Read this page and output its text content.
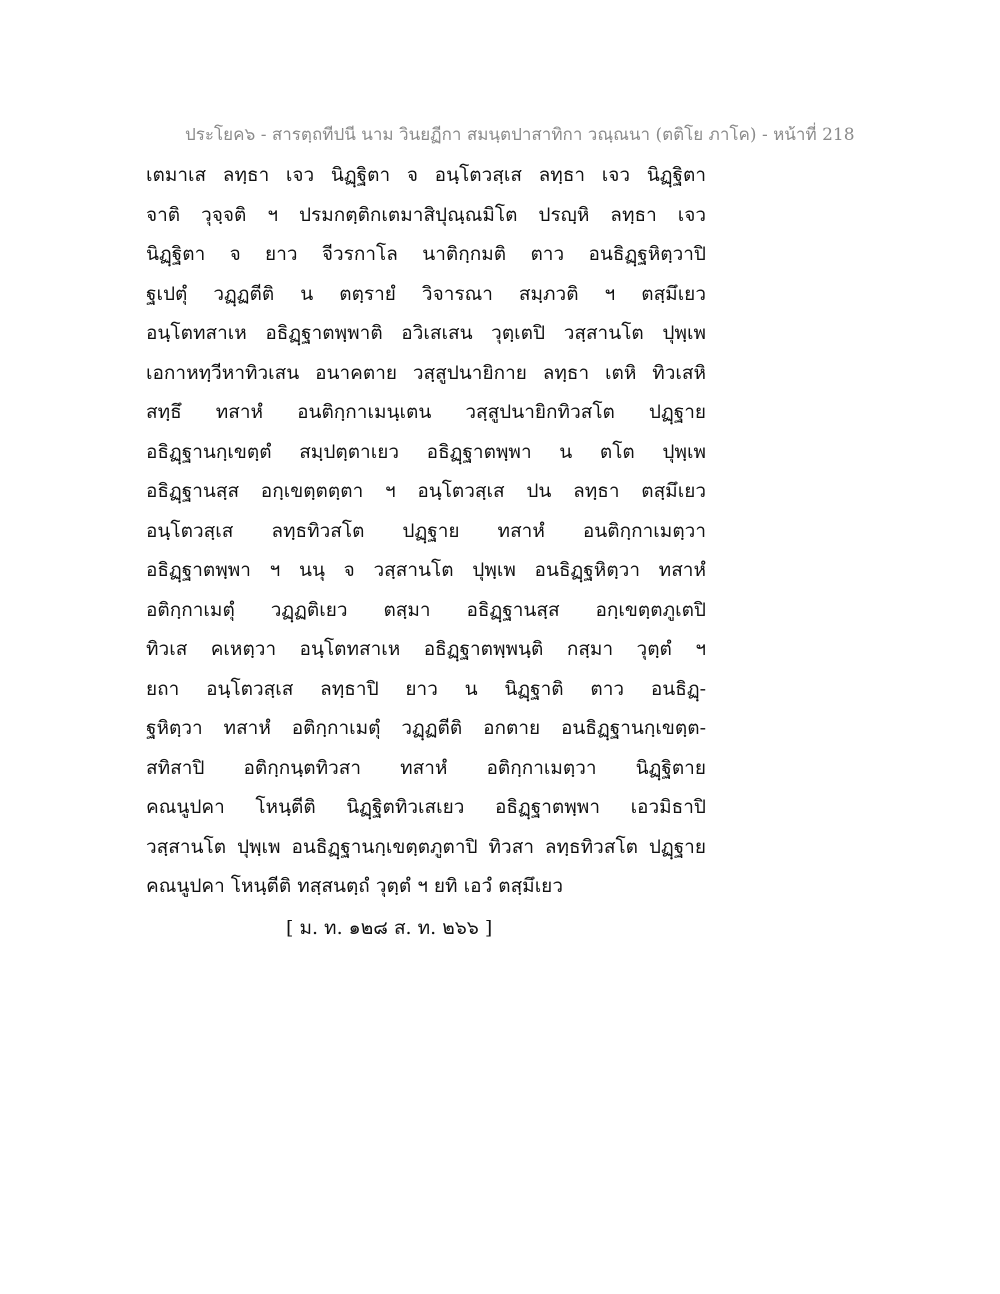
ประโยค๖ - สารตฺถทีปนี นาม วินยฏีกา สมนฺตปาสาทิกา วณฺณนา (ตติโย ภาโค) - หน้าที่ 218
เตมาเส ลทฺธา เจว นิฏฺฐิตา จ อนฺโตวสฺเส ลทฺธา เจว นิฏฺฐิตา
จาติ วุจฺจติ ฯ ปรมกตฺติกเตมาสิปุณฺณมิโต ปรญฺหิ ลทฺธา เจว
นิฏฺฐิตา จ ยาว จีวรกาโล นาติกฺกมติ ตาว อนธิฏฺฐหิตฺวาปิ
ฐเปตุํ วฏฺฏตีติ น ตตฺรายํ วิจารณา สมฺภวติ ฯ ตสฺมึเยว
อนฺโตทสาเห อธิฏฺฐาตพฺพาติ อวิเสเสน วุตฺเตปิ วสฺสานโต ปุพฺเพ
เอกาหทฺวีหาทิวเสน อนาคตาย วสฺสูปนายิกาย ลทฺธา เตหิ ทิวเสหิ
สทฺธึ ทสาหํ อนติกฺกาเมนฺเตน วสฺสูปนายิกทิวสโต ปฏฺฐาย
อธิฏฺฐานกฺเขตฺตํ สมฺปตฺตาเยว อธิฏฺฐาตพฺพา น ตโต ปุพฺเพ
อธิฏฺฐานสฺส อกฺเขตฺตตฺตา ฯ อนฺโตวสฺเส ปน ลทฺธา ตสฺมึเยว
อนฺโตวสฺเส ลทฺธทิวสโต ปฏฺฐาย ทสาหํ อนติกฺกาเมตฺวา
อธิฏฺฐาตพฺพา ฯ นนุ จ วสฺสานโต ปุพฺเพ อนธิฏฺฐหิตฺวา ทสาหํ
อติกฺกาเมตุํ วฏฺฏติเยว ตสฺมา อธิฏฺฐานสฺส อกฺเขตฺตภูเตปิ
ทิวเส คเหตฺวา อนฺโตทสาเห อธิฏฺฐาตพฺพนฺติ กสฺมา วุตฺตํ ฯ
ยถา อนฺโตวสฺเส ลทฺธาปิ ยาว น นิฏฺฐาติ ตาว อนธิฏฺ-
ฐหิตฺวา ทสาหํ อติกฺกาเมตุํ วฏฺฏตีติ อกตาย อนธิฏฺฐานกฺเขตฺต-
สทิสาปิ อติกฺกนฺตทิวสา ทสาหํ อติกฺกาเมตฺวา นิฏฺฐิตาย
คณนูปคา โหนฺตีติ นิฏฺฐิตทิวเสเยว อธิฏฺฐาตพฺพา เอวมิธาปิ
วสฺสานโต ปุพฺเพ อนธิฏฺฐานกฺเขตฺตภูตาปิ ทิวสา ลทฺธทิวสโต ปฏฺฐาย
คณนูปคา โหนฺตีติ ทสฺสนตฺถํ วุตฺตํ ฯ ยทิ เอวํ ตสฺมึเยว
[ ม. ท. ๑๒๘ ส. ท. ๒๖๖ ]
